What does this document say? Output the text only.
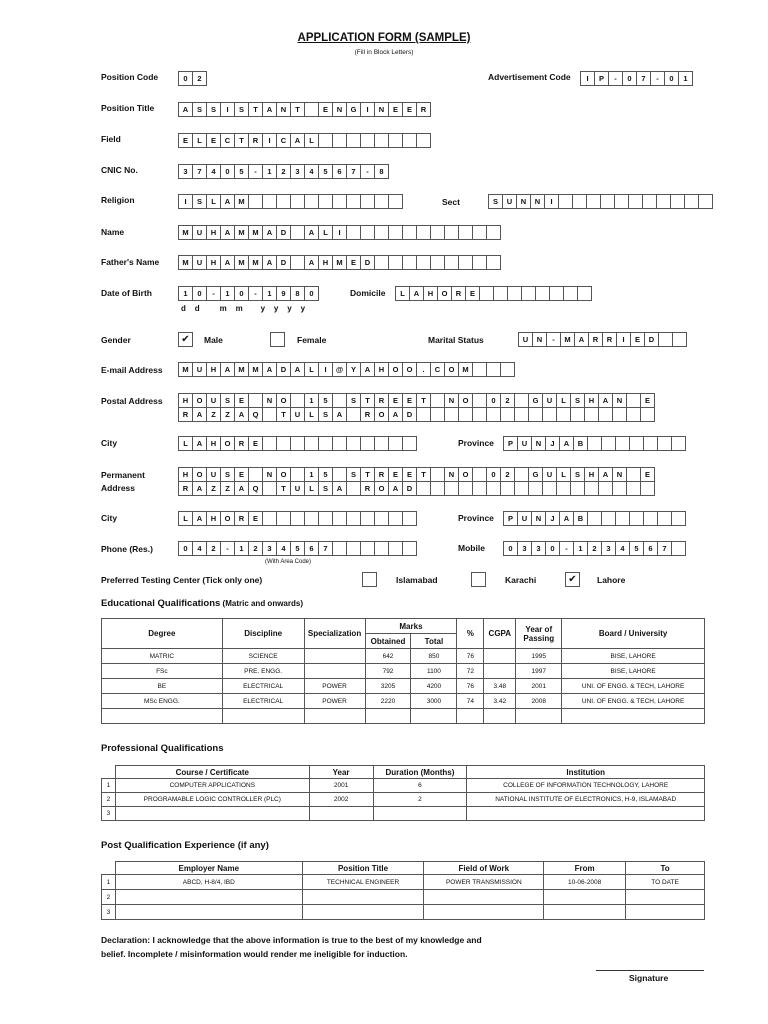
APPLICATION FORM (SAMPLE)
(Fill in Block Letters)
Position Code	0	2	Advertisement Code	I	P	-	0	7	-	0	1
Position Title	A	S	S	I	S	T	A	N	T	E	N	G	I	N	E	E	R
Field	E	L	E	C	T	R	I	C	A	L
CNIC No.	3	7	4	0	5	-	1	2	3	4	5	6	7	-	8
Religion	I	S	L	A	M	Sect	S	U	N	N	I
Name	M	U	H	A	M	M	A	D	A	L	I
Father's Name	M	U	H	A	M	M	A	D	A	H	M	E	D
Date of Birth	1	0	-	1	0	-	1	9	8	0
d    d         m    m        y    y    y    y
Domicile	L	A	H	O	R	E
Gender	✔	Male	Female	Marital Status	U	N	-	M	A	R	R	I	E	D
E-mail Address	M	U	H	A	M	M	A	D	A	L	I	@	Y	A	H	O	O	.	C	O	M
Postal Address	H	O	U	S	E	N	O	1	5	S	T	R	E	E	T	N	O	0	2	G	U	L	S	H	A	N	E
R	A	Z	Z	A	Q	T	U	L	S	A	R	O	A	D
City	L	A	H	O	R	E	Province	P	U	N	J	A	B
Permanent
Address
H	O	U	S	E	N	O	1	5	S	T	R	E	E	T	N	O	0	2	G	U	L	S	H	A	N	E
R	A	Z	Z	A	Q	T	U	L	S	A	R	O	A	D
City	L	A	H	O	R	E	Province	P	U	N	J	A	B
Phone (Res.)	0	4	2	-	1	2	3	4	5	6	7
(With Area Code)
Mobile	0	3	3	0	-	1	2	3	4	5	6	7
Preferred Testing Center (Tick only one)	Islamabad	Karachi	✔	Lahore
Educational Qualifications (Matric and onwards)
Degree	Discipline	Specialization	Marks		%	CGPA	Year of Passing	Board / University
			Obtained	Total				
MATRIC	SCIENCE		642	850	76		1995	BISE, LAHORE
FSc	PRE. ENGG.		792	1100	72		1997	BISE, LAHORE
BE	ELECTRICAL	POWER	3205	4200	76	3.48	2001	UNI. OF ENGG. & TECH, LAHORE
MSc ENGG.	ELECTRICAL	POWER	2220	3000	74	3.42	2008	UNI. OF ENGG. & TECH, LAHORE

Professional Qualifications
	Course / Certificate	Year	Duration (Months)	Institution
1	COMPUTER APPLICATIONS	2001	6	COLLEGE OF INFORMATION TECHNOLOGY, LAHORE
2	PROGRAMABLE LOGIC CONTROLLER (PLC)	2002	2	NATIONAL INSTITUTE OF ELECTRONICS, H-9, ISLAMABAD
3				
Post Qualification Experience (if any)
	Employer Name	Position Title	Field of Work	From	To
1	ABCD, H-8/4, IBD	TECHNICAL ENGINEER	POWER TRANSMISSION	10-06-2008	TO DATE
2					
3					
Declaration: I acknowledge that the above information is true to the best of my knowledge and
belief. Incomplete / misinformation would render me ineligible for induction.
Signature
